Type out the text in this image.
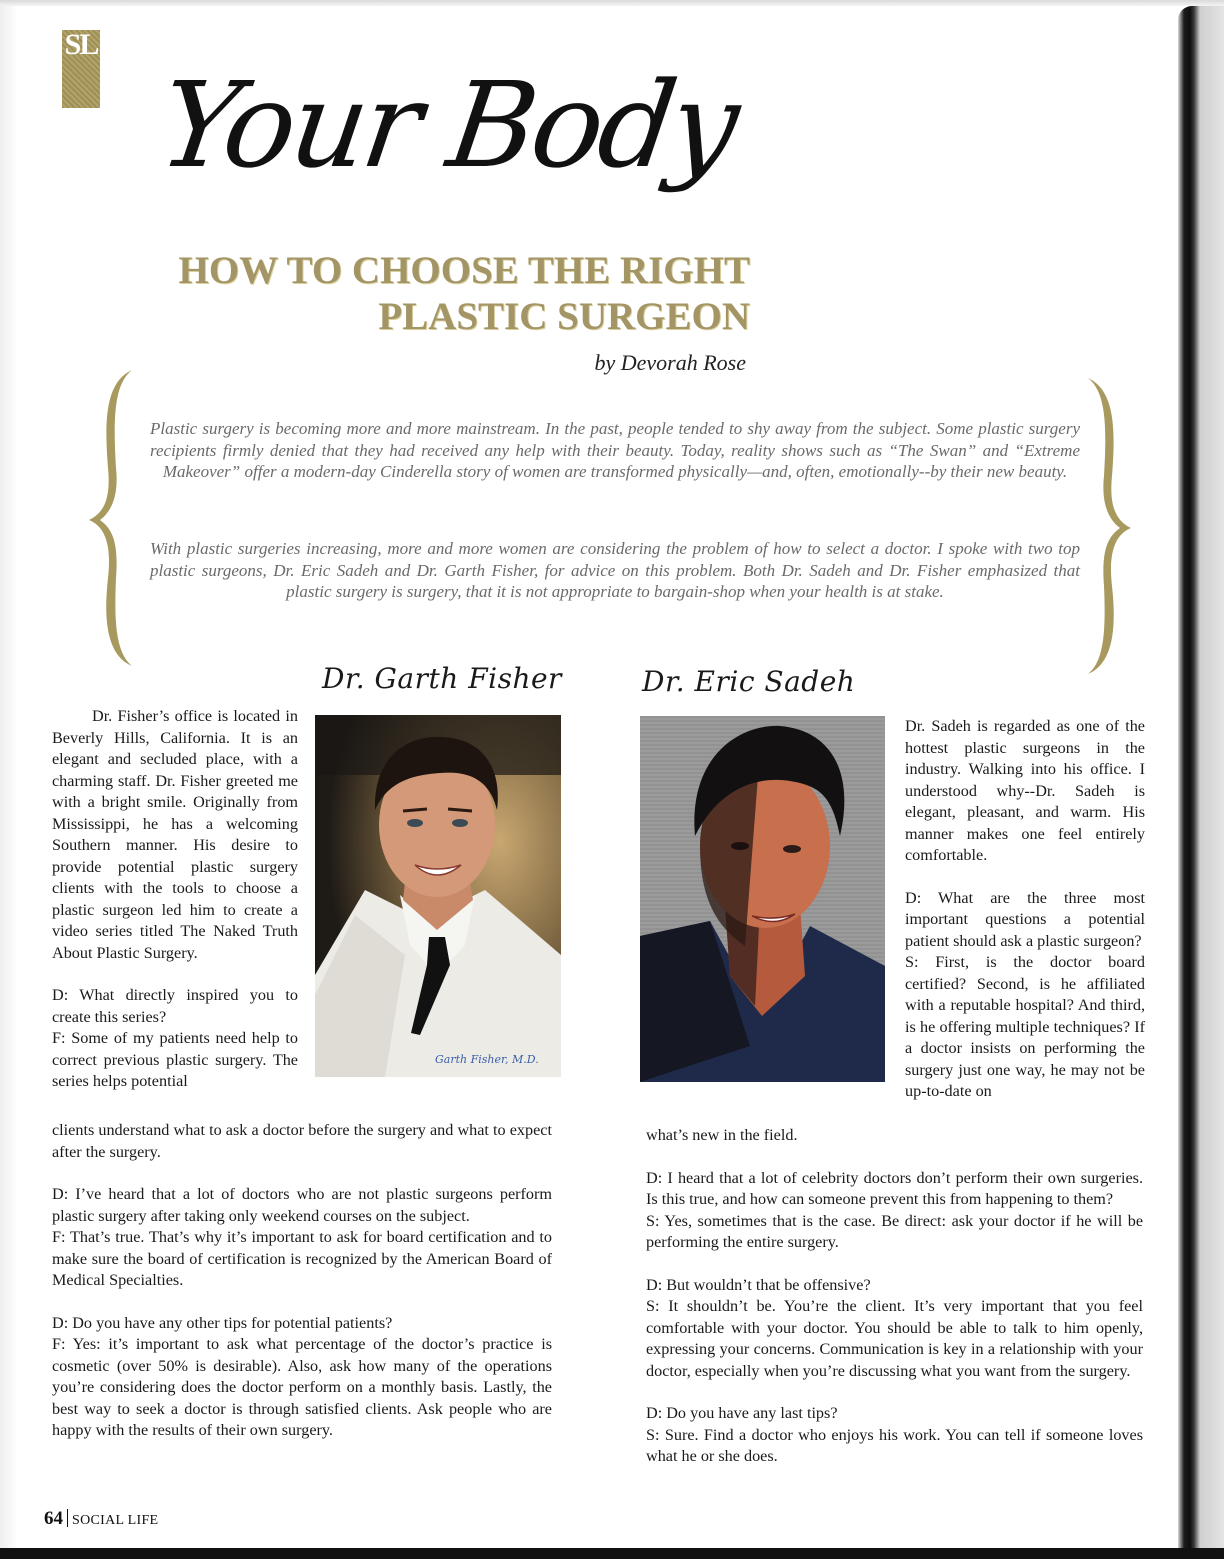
SL
Your Body
HOW TO CHOOSE THE RIGHT
PLASTIC SURGEON
by Devorah Rose

Plastic surgery is becoming more and more mainstream. In the past, people tended to shy away from the subject. Some plastic surgery recipients firmly denied that they had received any help with their beauty. Today, reality shows such as “The Swan” and “Extreme Makeover” offer a modern-day Cinderella story of women are transformed physically—and, often, emotionally--by their new beauty.

With plastic surgeries increasing, more and more women are considering the problem of how to select a doctor. I spoke with two top plastic surgeons, Dr. Eric Sadeh and Dr. Garth Fisher, for advice on this problem. Both Dr. Sadeh and Dr. Fisher emphasized that plastic surgery is surgery, that it is not appropriate to bargain-shop when your health is at stake.

Dr. Garth Fisher
Garth Fisher, M.D.

Dr. Fisher’s office is located in Beverly Hills, California. It is an elegant and secluded place, with a charming staff. Dr. Fisher greeted me with a bright smile. Originally from Mississippi, he has a welcoming Southern manner. His desire to provide potential plastic surgery clients with the tools to choose a plastic surgeon led him to create a video series titled The Naked Truth About Plastic Surgery.

D: What directly inspired you to create this series?

F: Some of my patients need help to correct previous plastic surgery. The series helps potential

clients understand what to ask a doctor before the surgery and what to expect after the surgery.

D: I’ve heard that a lot of doctors who are not plastic surgeons perform plastic surgery after taking only weekend courses on the subject.

F: That’s true. That’s why it’s important to ask for board certification and to make sure the board of certification is recognized by the American Board of Medical Specialties.

D: Do you have any other tips for potential patients?

F: Yes: it’s important to ask what percentage of the doctor’s practice is cosmetic (over 50% is desirable). Also, ask how many of the operations you’re considering does the doctor perform on a monthly basis. Lastly, the best way to seek a doctor is through satisfied clients. Ask people who are happy with the results of their own surgery.

Dr. Eric Sadeh

Dr. Sadeh is regarded as one of the hottest plastic surgeons in the industry. Walking into his office. I understood why--Dr. Sadeh is elegant, pleasant, and warm. His manner makes one feel entirely comfortable.

D: What are the three most important questions a potential patient should ask a plastic surgeon?

S: First, is the doctor board certified? Second, is he affiliated with a reputable hospital? And third, is he offering multiple techniques? If a doctor insists on performing the surgery just one way, he may not be up-to-date on

what’s new in the field.

D: I heard that a lot of celebrity doctors don’t perform their own surgeries. Is this true, and how can someone prevent this from happening to them?

S: Yes, sometimes that is the case. Be direct: ask your doctor if he will be performing the entire surgery.

D: But wouldn’t that be offensive?

S: It shouldn’t be. You’re the client. It’s very important that you feel comfortable with your doctor. You should be able to talk to him openly, expressing your concerns. Communication is key in a relationship with your doctor, especially when you’re discussing what you want from the surgery.

D: Do you have any last tips?

S: Sure. Find a doctor who enjoys his work. You can tell if someone loves what he or she does.

64 SOCIAL LIFE
